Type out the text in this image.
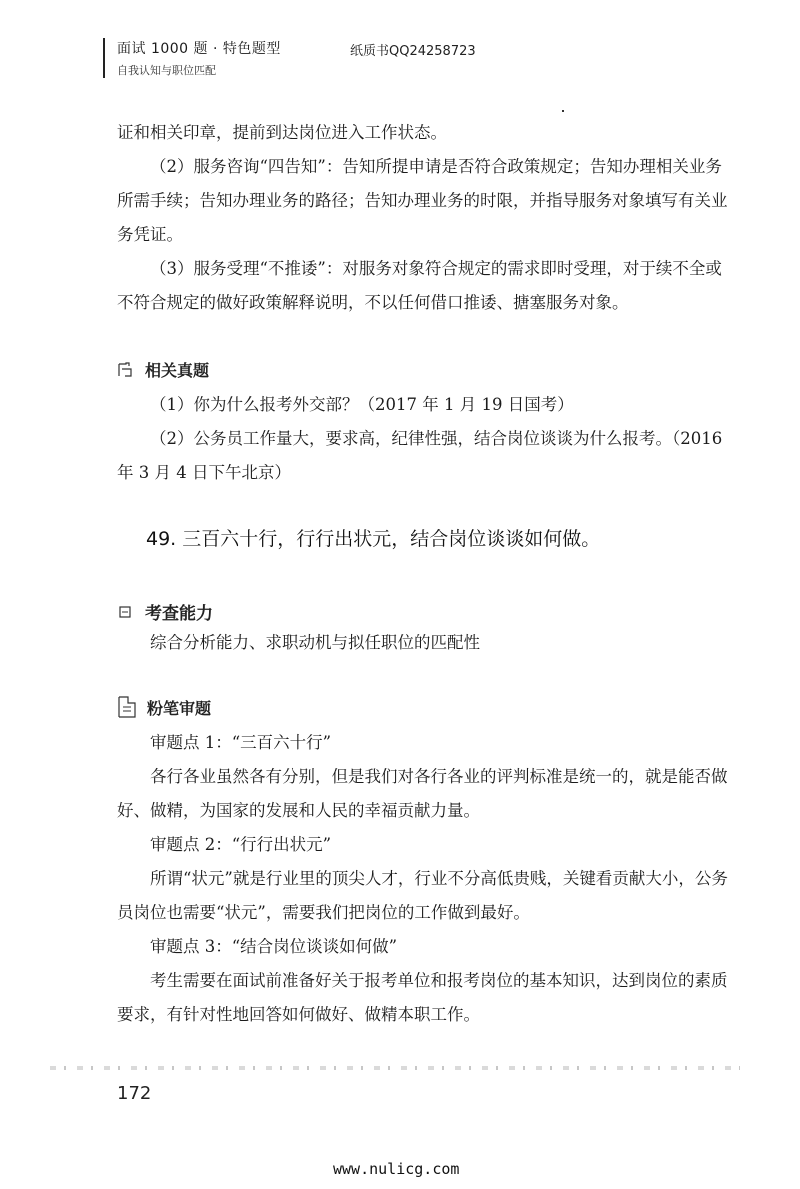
面试 1000 题 · 特色题型
自我认知与职位匹配
纸质书QQ24258723
证和相关印章，提前到达岗位进入工作状态。
（2）服务咨询“四告知”：告知所提申请是否符合政策规定；告知办理相关业务所需手续；告知办理业务的路径；告知办理业务的时限，并指导服务对象填写有关业务凭证。
（3）服务受理“不推诿”：对服务对象符合规定的需求即时受理，对于续不全或不符合规定的做好政策解释说明，不以任何借口推诿、搪塞服务对象。
相关真题
（1）你为什么报考外交部？（2017 年 1 月 19 日国考）
（2）公务员工作量大，要求高，纪律性强，结合岗位谈谈为什么报考。（2016 年 3 月 4 日下午北京）
49. 三百六十行，行行出状元，结合岗位谈谈如何做。
考查能力
综合分析能力、求职动机与拟任职位的匹配性
粉笔审题
审题点 1：“三百六十行”
各行各业虽然各有分别，但是我们对各行各业的评判标准是统一的，就是能否做好、做精，为国家的发展和人民的幸福贡献力量。
审题点 2：“行行出状元”
所谓“状元”就是行业里的顶尖人才，行业不分高低贵贱，关键看贡献大小，公务员岗位也需要“状元”，需要我们把岗位的工作做到最好。
审题点 3：“结合岗位谈谈如何做”
考生需要在面试前准备好关于报考单位和报考岗位的基本知识，达到岗位的素质要求，有针对性地回答如何做好、做精本职工作。
172
www.nulicg.com
